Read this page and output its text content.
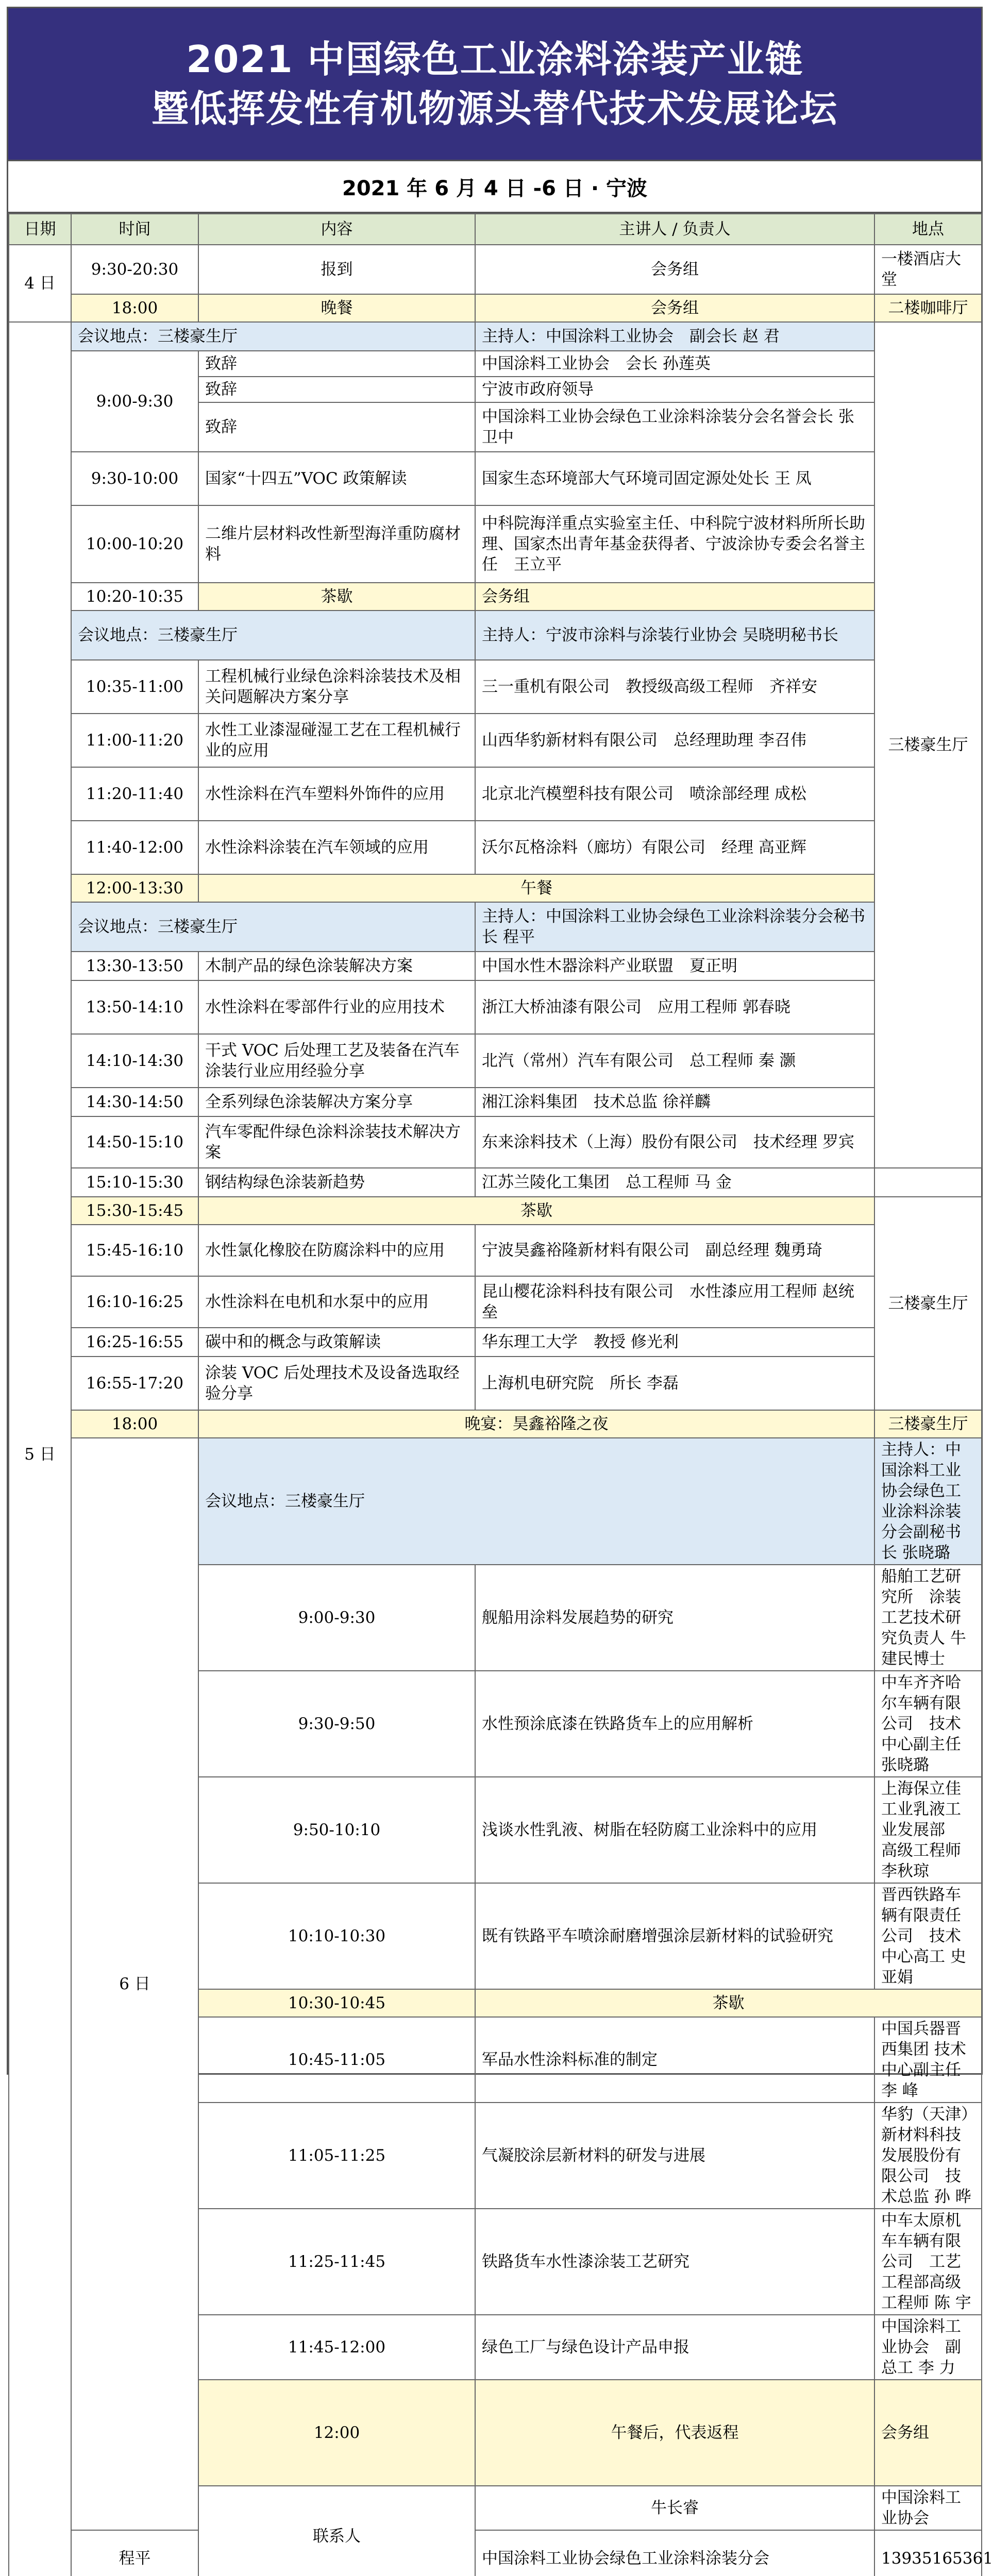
2021 中国绿色工业涂料涂装产业链
暨低挥发性有机物源头替代技术发展论坛
2021 年 6 月 4 日 -6 日 · 宁波
日期	时间	内容	主讲人 / 负责人	地点	
4 日	9:30-20:30	报到	会务组	一楼酒店大堂	
	18:00	晚餐	会务组	二楼咖啡厅	
5 日	会议地点：三楼豪生厅		主持人：中国涂料工业协会　副会长 赵 君	三楼豪生厅	
	9:00-9:30	致辞	中国涂料工业协会　会长 孙莲英		
		致辞	宁波市政府领导		
		致辞	中国涂料工业协会绿色工业涂料涂装分会名誉会长 张卫中		
	9:30-10:00	国家“十四五”VOC 政策解读	国家生态环境部大气环境司固定源处处长 王 凤		
	10:00-10:20	二维片层材料改性新型海洋重防腐材料	中科院海洋重点实验室主任、中科院宁波材料所所长助理、国家杰出青年基金获得者、宁波涂协专委会名誉主任　王立平		
	10:20-10:35	茶歇	会务组		
	会议地点：三楼豪生厅		主持人：宁波市涂料与涂装行业协会 吴晓明秘书长		
	10:35-11:00	工程机械行业绿色涂料涂装技术及相关问题解决方案分享	三一重机有限公司　教授级高级工程师　齐祥安		
	11:00-11:20	水性工业漆湿碰湿工艺在工程机械行业的应用	山西华豹新材料有限公司　总经理助理 李召伟		
	11:20-11:40	水性涂料在汽车塑料外饰件的应用	北京北汽模塑科技有限公司　喷涂部经理 成松		
	11:40-12:00	水性涂料涂装在汽车领域的应用	沃尔瓦格涂料（廊坊）有限公司　经理 高亚辉		
	12:00-13:30	午餐			
	会议地点：三楼豪生厅		主持人：中国涂料工业协会绿色工业涂料涂装分会秘书长 程平		
	13:30-13:50	木制产品的绿色涂装解决方案	中国水性木器涂料产业联盟　夏正明		
	13:50-14:10	水性涂料在零部件行业的应用技术	浙江大桥油漆有限公司　应用工程师 郭春晓		
	14:10-14:30	干式 VOC 后处理工艺及装备在汽车涂装行业应用经验分享	北汽（常州）汽车有限公司　总工程师 秦 灏		
	14:30-14:50	全系列绿色涂装解决方案分享	湘江涂料集团　技术总监 徐祥麟		
	14:50-15:10	汽车零配件绿色涂料涂装技术解决方案	东来涂料技术（上海）股份有限公司　技术经理 罗宾		
	15:10-15:30	钢结构绿色涂装新趋势	江苏兰陵化工集团　总工程师 马 金		
	15:30-15:45	茶歇		三楼豪生厅	
	15:45-16:10	水性氯化橡胶在防腐涂料中的应用	宁波昊鑫裕隆新材料有限公司　副总经理 魏勇琦		
	16:10-16:25	水性涂料在电机和水泵中的应用	昆山樱花涂料科技有限公司　水性漆应用工程师 赵统垒		
	16:25-16:55	碳中和的概念与政策解读	华东理工大学　教授 修光利		
	16:55-17:20	涂装 VOC 后处理技术及设备选取经验分享	上海机电研究院　所长 李磊		
	18:00	晚宴：昊鑫裕隆之夜		三楼豪生厅	
	6 日	会议地点：三楼豪生厅		主持人：中国涂料工业协会绿色工业涂料涂装分会副秘书长 张晓璐	
		9:00-9:30	舰船用涂料发展趋势的研究	船舶工艺研究所　涂装工艺技术研究负责人 牛建民博士	
		9:30-9:50	水性预涂底漆在铁路货车上的应用解析	中车齐齐哈尔车辆有限公司　技术中心副主任 张晓璐	
		9:50-10:10	浅谈水性乳液、树脂在轻防腐工业涂料中的应用	上海保立佳工业乳液工业发展部　高级工程师 李秋琼	
		10:10-10:30	既有铁路平车喷涂耐磨增强涂层新材料的试验研究	晋西铁路车辆有限责任公司　技术中心高工 史亚娟	
		10:30-10:45	茶歇		
		10:45-11:05	军品水性涂料标准的制定	中国兵器晋西集团 技术中心副主任 李 峰	
		11:05-11:25	气凝胶涂层新材料的研发与进展	华豹（天津）新材料科技发展股份有限公司　技术总监 孙 晔	
		11:25-11:45	铁路货车水性漆涂装工艺研究	中车太原机车车辆有限公司　工艺工程部高级工程师 陈 宇	
		11:45-12:00	绿色工厂与绿色设计产品申报	中国涂料工业协会　副总工 李 力	
		12:00	午餐后，代表返程	会务组	
		联系人	牛长睿	中国涂料工业协会		
	程平		中国涂料工业协会绿色工业涂料涂装分会	13935165361	
